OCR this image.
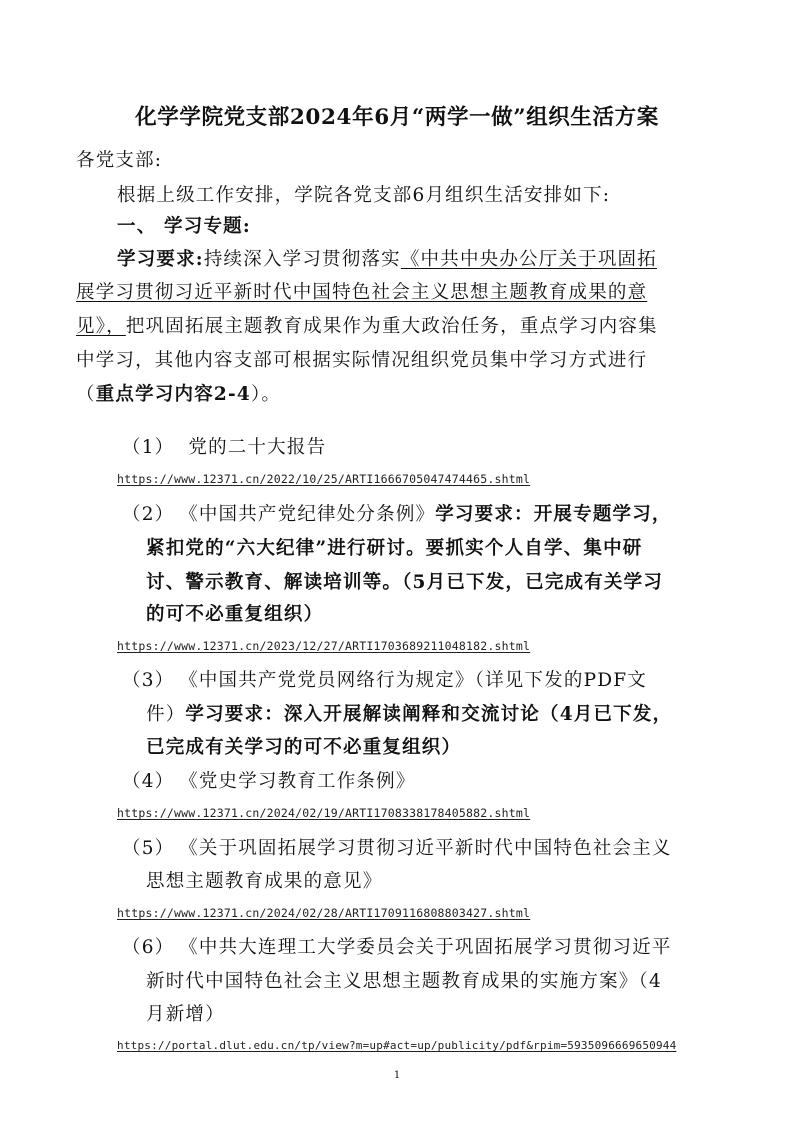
化学学院党支部2024年6月“两学一做”组织生活方案
各党支部:
根据上级工作安排，学院各党支部6月组织生活安排如下:
一、 学习专题:
学习要求:持续深入学习贯彻落实《中共中央办公厅关于巩固拓
展学习贯彻习近平新时代中国特色社会主义思想主题教育成果的意
见》，把巩固拓展主题教育成果作为重大政治任务，重点学习内容集
中学习，其他内容支部可根据实际情况组织党员集中学习方式进行
（重点学习内容2-4）。
（1） 党的二十大报告
https://www.12371.cn/2022/10/25/ARTI1666705047474465.shtml
（2） 《中国共产党纪律处分条例》学习要求：开展专题学习，
紧扣党的“六大纪律”进行研讨。要抓实个人自学、集中研
讨、警示教育、解读培训等。（5月已下发，已完成有关学习
的可不必重复组织）
https://www.12371.cn/2023/12/27/ARTI1703689211048182.shtml
（3） 《中国共产党党员网络行为规定》（详见下发的PDF文
件）学习要求：深入开展解读阐释和交流讨论（4月已下发，
已完成有关学习的可不必重复组织）
（4） 《党史学习教育工作条例》
https://www.12371.cn/2024/02/19/ARTI1708338178405882.shtml
（5） 《关于巩固拓展学习贯彻习近平新时代中国特色社会主义
思想主题教育成果的意见》
https://www.12371.cn/2024/02/28/ARTI1709116808803427.shtml
（6） 《中共大连理工大学委员会关于巩固拓展学习贯彻习近平
新时代中国特色社会主义思想主题教育成果的实施方案》（4
月新增）
https://portal.dlut.edu.cn/tp/view?m=up#act=up/publicity/pdf&rpim=5935096669650944
1
